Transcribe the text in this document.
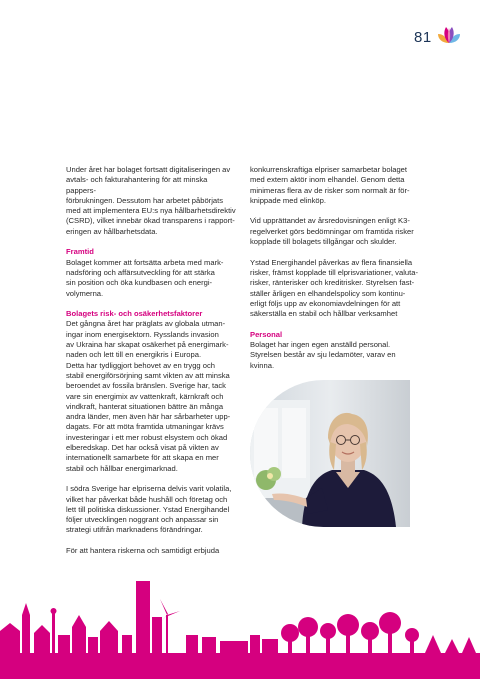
81

Under året har bolaget fortsatt digitaliseringen av
avtals- och fakturahantering för att minska pappers-
förbrukningen. Dessutom har arbetet påbörjats
med att implementera EU:s nya hållbarhetsdirektiv
(CSRD), vilket innebär ökad transparens i rapport-
eringen av hållbarhetsdata.

Framtid

Bolaget kommer att fortsätta arbeta med mark-
nadsföring och affärsutveckling för att stärka
sin position och öka kundbasen och energi-
volymerna.

Bolagets risk- och osäkerhetsfaktorer

Det gångna året har präglats av globala utman-
ingar inom energisektorn. Rysslands invasion
av Ukraina har skapat osäkerhet på energimark-
naden och lett till en energikris i Europa.
Detta har tydliggjort behovet av en trygg och
stabil energiförsörjning samt vikten av att minska
beroendet av fossila bränslen. Sverige har, tack
vare sin energimix av vattenkraft, kärnkraft och
vindkraft, hanterat situationen bättre än många
andra länder, men även här har sårbarheter upp-
dagats. För att möta framtida utmaningar krävs
investeringar i ett mer robust elsystem och ökad
elberedskap. Det har också visat på vikten av
internationellt samarbete för att skapa en mer
stabil och hållbar energimarknad.

I södra Sverige har elpriserna delvis varit volatila,
vilket har påverkat både hushåll och företag och
lett till politiska diskussioner. Ystad Energihandel
följer utvecklingen noggrant och anpassar sin
strategi utifrån marknadens förändringar.

För att hantera riskerna och samtidigt erbjuda

konkurrenskraftiga elpriser samarbetar bolaget
med extern aktör inom elhandel. Genom detta
minimeras flera av de risker som normalt är för-
knippade med elinköp.

Vid upprättandet av årsredovisningen enligt K3-
regelverket görs bedömningar om framtida risker
kopplade till bolagets tillgångar och skulder.

Ystad Energihandel påverkas av flera finansiella
risker, främst kopplade till elprisvariationer, valuta-
risker, ränterisker och kreditrisker. Styrelsen fast-
ställer årligen en elhandelspolicy som kontinu-
erligt följs upp av ekonomiavdelningen för att
säkerställa en stabil och hållbar verksamhet

Personal

Bolaget har ingen egen anställd personal.
Styrelsen består av sju ledamöter, varav en
kvinna.
